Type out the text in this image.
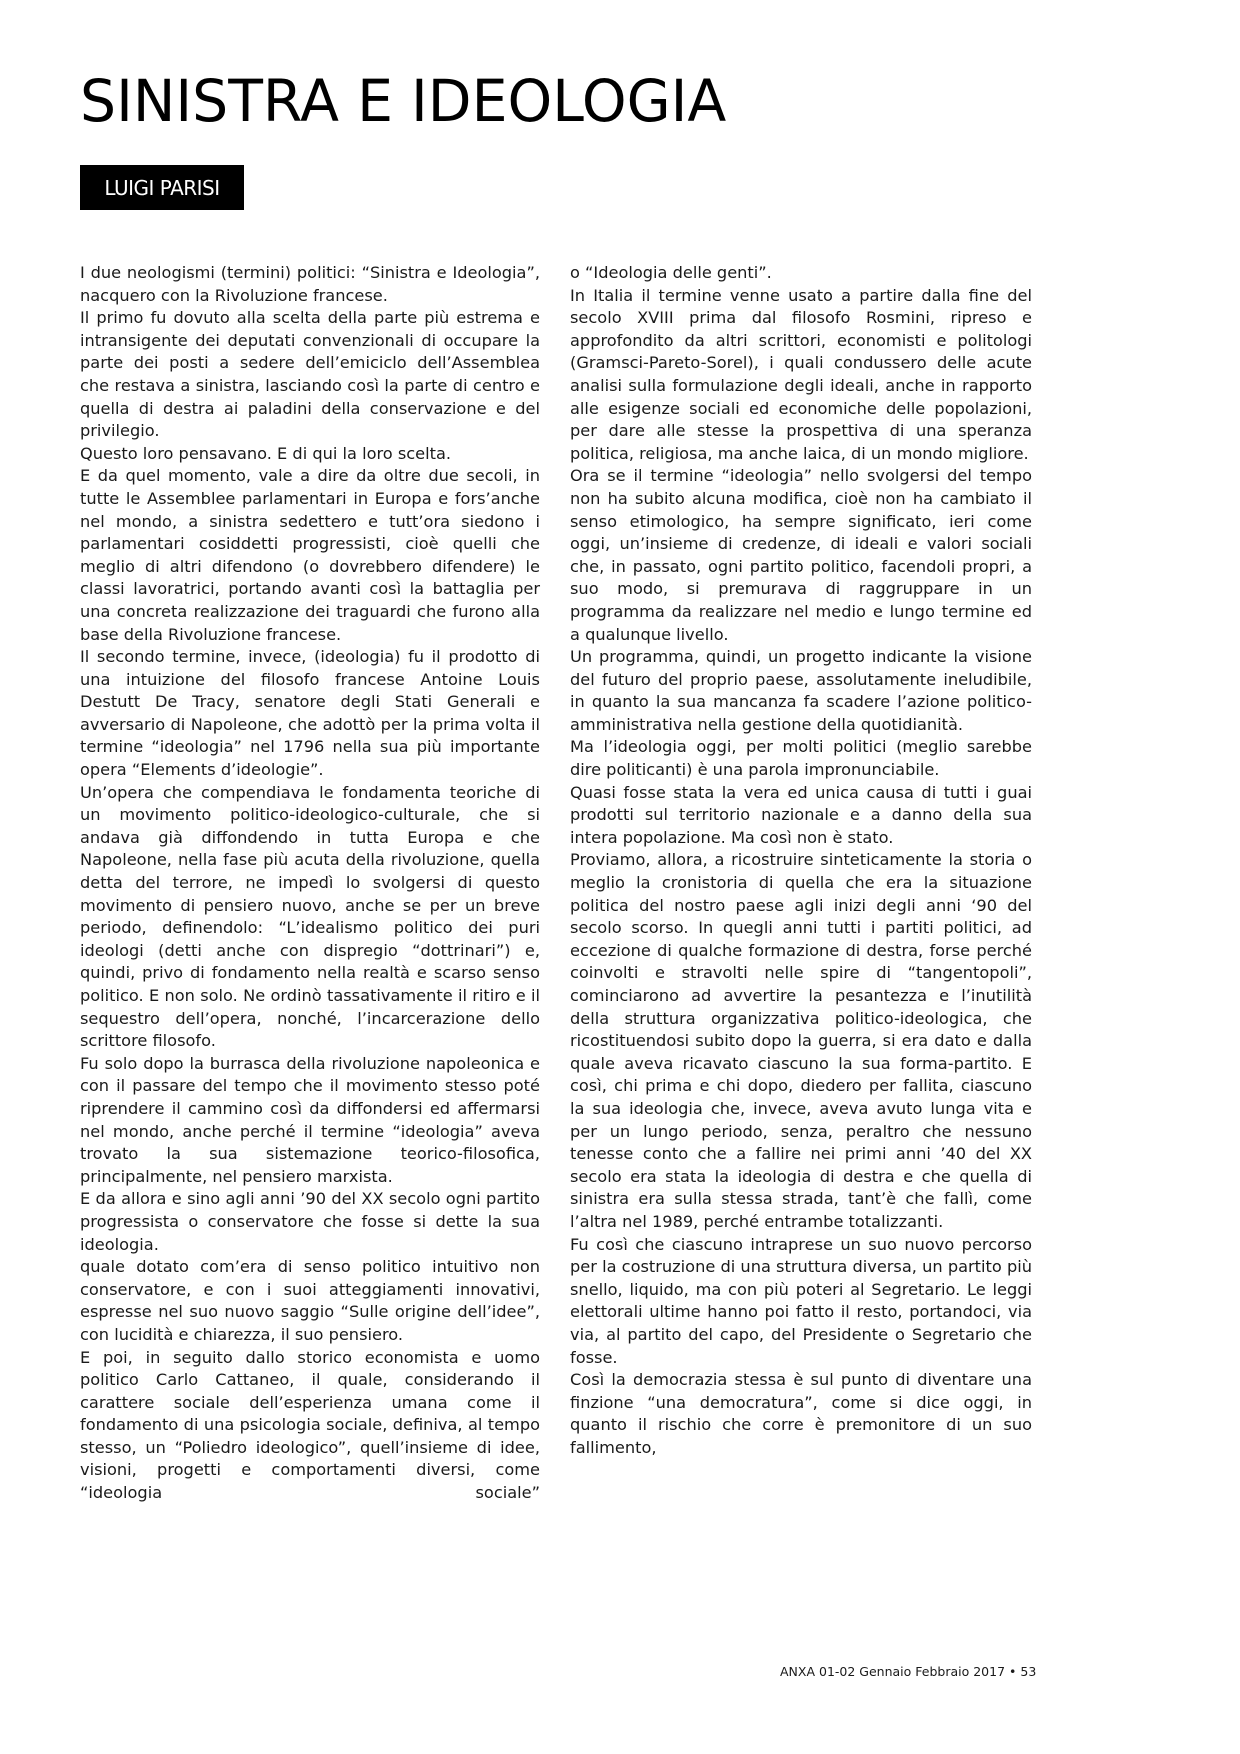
SINISTRA E IDEOLOGIA
LUIGI PARISI

I due neologismi (termini) politici: “Sinistra e Ideologia”, nacquero con la Rivoluzione francese.

Il primo fu dovuto alla scelta della parte più estrema e intransigente dei deputati convenzionali di occupare la parte dei posti a sedere dell’emiciclo dell’Assemblea che restava a sinistra, lasciando così la parte di centro e quella di destra ai paladini della conservazione e del privilegio.

Questo loro pensavano. E di qui la loro scelta.

E da quel momento, vale a dire da oltre due secoli, in tutte le Assemblee parlamentari in Europa e fors’anche nel mondo, a sinistra sedettero e tutt’ora siedono i parlamentari cosiddetti progressisti, cioè quelli che meglio di altri difendono (o dovrebbero difendere) le classi lavoratrici, portando avanti così la battaglia per una concreta realizzazione dei traguardi che furono alla base della Rivoluzione francese.

Il secondo termine, invece, (ideologia) fu il prodotto di una intuizione del filosofo francese Antoine Louis Destutt De Tracy, senatore degli Stati Generali e avversario di Napoleone, che adottò per la prima volta il termine “ideologia” nel 1796 nella sua più importante opera “Elements d’ideologie”.

Un’opera che compendiava le fondamenta teoriche di un movimento politico-ideologico-culturale, che si andava già diffondendo in tutta Europa e che Napoleone, nella fase più acuta della rivoluzione, quella detta del terrore, ne impedì lo svolgersi di questo movimento di pensiero nuovo, anche se per un breve periodo, definendolo: “L’idealismo politico dei puri ideologi (detti anche con dispregio “dottrinari”) e, quindi, privo di fondamento nella realtà e scarso senso politico. E non solo. Ne ordinò tassativamente il ritiro e il sequestro dell’opera, nonché, l’incarcerazione dello scrittore filosofo.

Fu solo dopo la burrasca della rivoluzione napoleonica e con il passare del tempo che il movimento stesso poté riprendere il cammino così da diffondersi ed affermarsi nel mondo, anche perché il termine “ideologia” aveva trovato la sua sistemazione teorico-filosofica, principalmente, nel pensiero marxista.

E da allora e sino agli anni ’90 del XX secolo ogni partito progressista o conservatore che fosse si dette la sua ideologia.

quale dotato com’era di senso politico intuitivo non conservatore, e con i suoi atteggiamenti innovativi, espresse nel suo nuovo saggio “Sulle origine dell’idee”, con lucidità e chiarezza, il suo pensiero.

E poi, in seguito dallo storico economista e uomo politico Carlo Cattaneo, il quale, considerando il carattere sociale dell’esperienza umana come il fondamento di una psicologia sociale, definiva, al tempo stesso, un “Poliedro ideologico”, quell’insieme di idee, visioni, progetti e comportamenti diversi, come “ideologia sociale”

o “Ideologia delle genti”.

In Italia il termine venne usato a partire dalla fine del secolo XVIII prima dal filosofo Rosmini, ripreso e approfondito da altri scrittori, economisti e politologi (Gramsci-Pareto-Sorel), i quali condussero delle acute analisi sulla formulazione degli ideali, anche in rapporto alle esigenze sociali ed economiche delle popolazioni, per dare alle stesse la prospettiva di una speranza politica, religiosa, ma anche laica, di un mondo migliore.

Ora se il termine “ideologia” nello svolgersi del tempo non ha subito alcuna modifica, cioè non ha cambiato il senso etimologico, ha sempre significato, ieri come oggi, un’insieme di credenze, di ideali e valori sociali che, in passato, ogni partito politico, facendoli propri, a suo modo, si premurava di raggruppare in un programma da realizzare nel medio e lungo termine ed a qualunque livello.

Un programma, quindi, un progetto indicante la visione del futuro del proprio paese, assolutamente ineludibile, in quanto la sua mancanza fa scadere l’azione politico-amministrativa nella gestione della quotidianità.

Ma l’ideologia oggi, per molti politici (meglio sarebbe dire politicanti) è una parola impronunciabile.

Quasi fosse stata la vera ed unica causa di tutti i guai prodotti sul territorio nazionale e a danno della sua intera popolazione. Ma così non è stato.

Proviamo, allora, a ricostruire sinteticamente la storia o meglio la cronistoria di quella che era la situazione politica del nostro paese agli inizi degli anni ‘90 del secolo scorso. In quegli anni tutti i partiti politici, ad eccezione di qualche formazione di destra, forse perché coinvolti e stravolti nelle spire di “tangentopoli”, cominciarono ad avvertire la pesantezza e l’inutilità della struttura organizzativa politico-ideologica, che ricostituendosi subito dopo la guerra, si era dato e dalla quale aveva ricavato ciascuno la sua forma-partito. E così, chi prima e chi dopo, diedero per fallita, ciascuno la sua ideologia che, invece, aveva avuto lunga vita e per un lungo periodo, senza, peraltro che nessuno tenesse conto che a fallire nei primi anni ’40 del XX secolo era stata la ideologia di destra e che quella di sinistra era sulla stessa strada, tant’è che fallì, come l’altra nel 1989, perché entrambe totalizzanti.

Fu così che ciascuno intraprese un suo nuovo percorso per la costruzione di una struttura diversa, un partito più snello, liquido, ma con più poteri al Segretario. Le leggi elettorali ultime hanno poi fatto il resto, portandoci, via via, al partito del capo, del Presidente o Segretario che fosse.

Così la democrazia stessa è sul punto di diventare una finzione “una democratura”, come si dice oggi, in quanto il rischio che corre è premonitore di un suo fallimento,

ANXA 01-02 Gennaio Febbraio 2017 • 53
